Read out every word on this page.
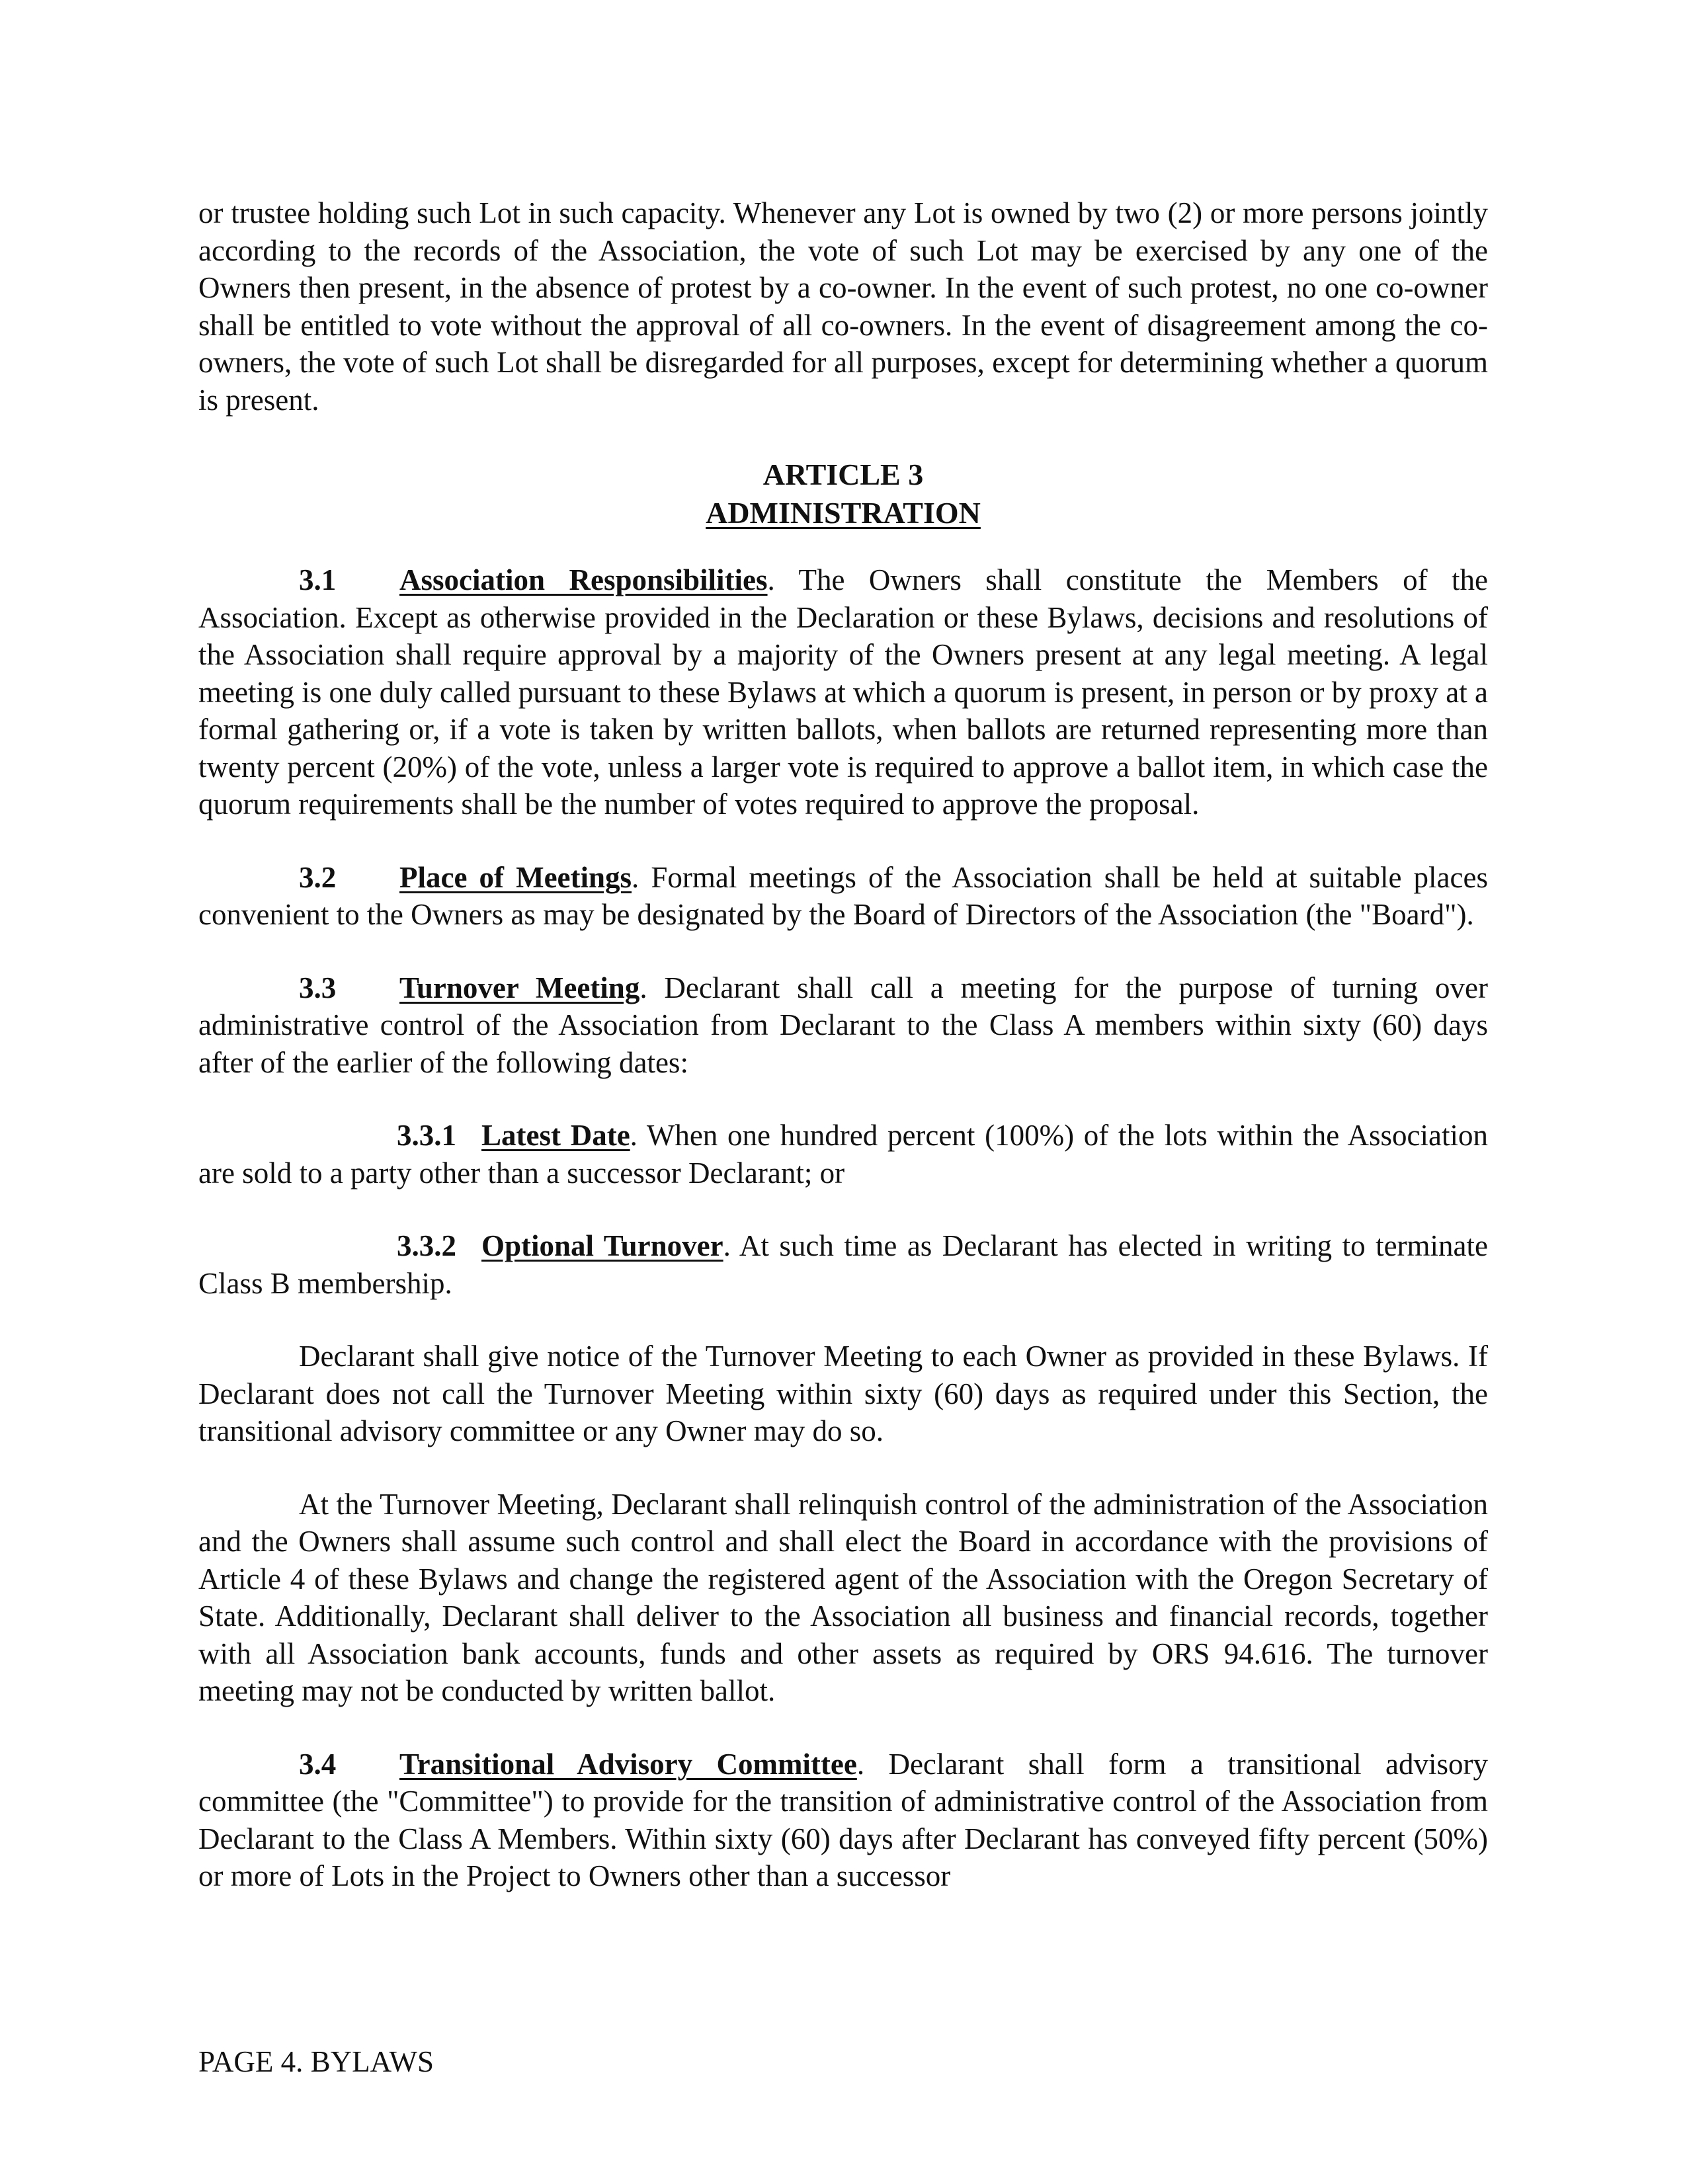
or trustee holding such Lot in such capacity. Whenever any Lot is owned by two (2) or more persons jointly according to the records of the Association, the vote of such Lot may be exercised by any one of the Owners then present, in the absence of protest by a co-owner. In the event of such protest, no one co-owner shall be entitled to vote without the approval of all co-owners. In the event of disagreement among the co-owners, the vote of such Lot shall be disregarded for all purposes, except for determining whether a quorum is present.

ARTICLE 3
ADMINISTRATION

3.1 Association Responsibilities. The Owners shall constitute the Members of the Association. Except as otherwise provided in the Declaration or these Bylaws, decisions and resolutions of the Association shall require approval by a majority of the Owners present at any legal meeting. A legal meeting is one duly called pursuant to these Bylaws at which a quorum is present, in person or by proxy at a formal gathering or, if a vote is taken by written ballots, when ballots are returned representing more than twenty percent (20%) of the vote, unless a larger vote is required to approve a ballot item, in which case the quorum requirements shall be the number of votes required to approve the proposal.

3.2 Place of Meetings. Formal meetings of the Association shall be held at suitable places convenient to the Owners as may be designated by the Board of Directors of the Association (the "Board").

3.3 Turnover Meeting. Declarant shall call a meeting for the purpose of turning over administrative control of the Association from Declarant to the Class A members within sixty (60) days after of the earlier of the following dates:

3.3.1 Latest Date. When one hundred percent (100%) of the lots within the Association are sold to a party other than a successor Declarant; or

3.3.2 Optional Turnover. At such time as Declarant has elected in writing to terminate Class B membership.

Declarant shall give notice of the Turnover Meeting to each Owner as provided in these Bylaws. If Declarant does not call the Turnover Meeting within sixty (60) days as required under this Section, the transitional advisory committee or any Owner may do so.

At the Turnover Meeting, Declarant shall relinquish control of the administration of the Association and the Owners shall assume such control and shall elect the Board in accordance with the provisions of Article 4 of these Bylaws and change the registered agent of the Association with the Oregon Secretary of State. Additionally, Declarant shall deliver to the Association all business and financial records, together with all Association bank accounts, funds and other assets as required by ORS 94.616. The turnover meeting may not be conducted by written ballot.

3.4 Transitional Advisory Committee. Declarant shall form a transitional advisory committee (the "Committee") to provide for the transition of administrative control of the Association from Declarant to the Class A Members. Within sixty (60) days after Declarant has conveyed fifty percent (50%) or more of Lots in the Project to Owners other than a successor

PAGE 4. BYLAWS
